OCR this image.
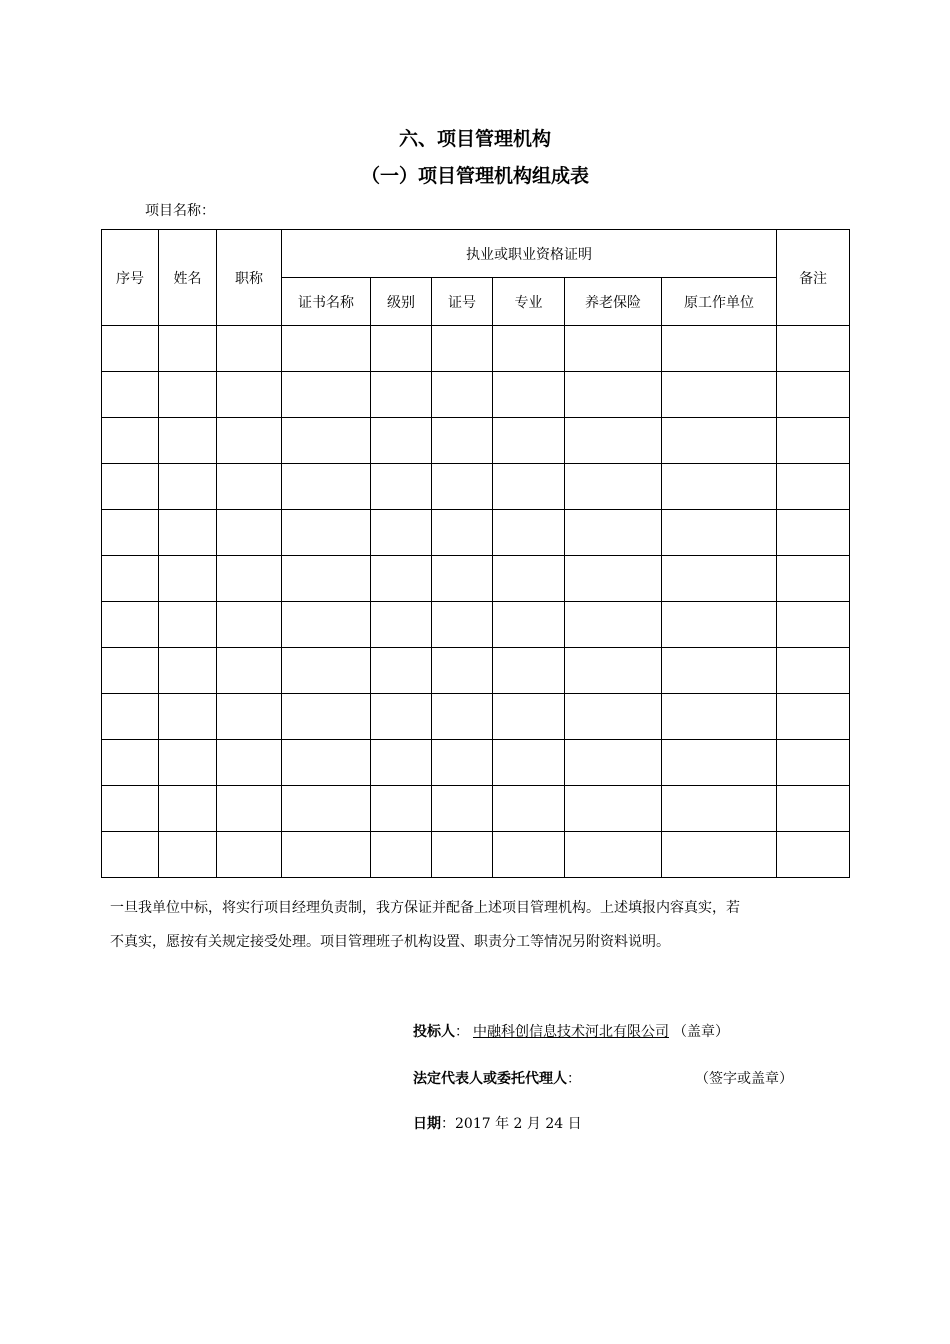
六、项目管理机构
（一）项目管理机构组成表
项目名称：
序号	姓名	职称	执业或职业资格证明						备注
			证书名称	级别	证号	专业	养老保险	原工作单位	

一旦我单位中标，将实行项目经理负责制，我方保证并配备上述项目管理机构。上述填报内容真实，若

不真实，愿按有关规定接受处理。项目管理班子机构设置、职责分工等情况另附资料说明。

投标人： 中融科创信息技术河北有限公司 （盖章）
法定代表人或委托代理人：	（签字或盖章）
日期：2017 年 2 月 24 日
